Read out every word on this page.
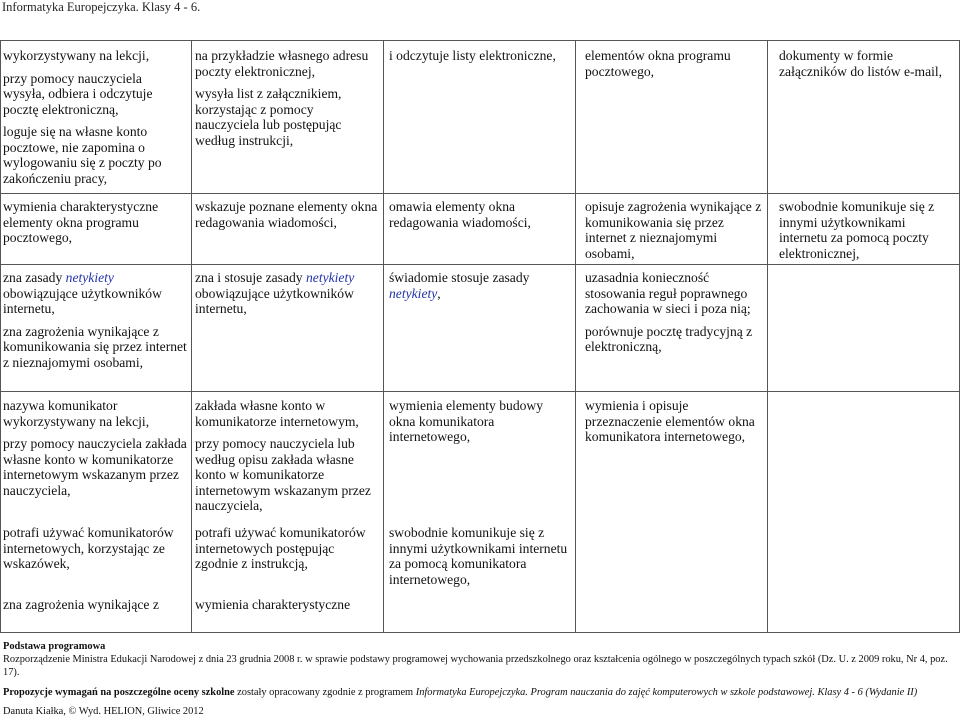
Informatyka Europejczyka. Klasy 4 - 6.

wykorzystywany na lekcji,

przy pomocy nauczyciela wysyła, odbiera i odczytuje pocztę elektroniczną,

loguje się na własne konto pocztowe, nie zapomina o wylogowaniu się z poczty po zakończeniu pracy,

na przykładzie własnego adresu poczty elektronicznej,

wysyła list z załącznikiem, korzystając z pomocy nauczyciela lub postępując według instrukcji,

i odczytuje listy elektroniczne,	elementów okna programu pocztowego,

dokumenty w formie załączników do listów e-mail,

wymienia charakterystyczne elementy okna programu pocztowego,

wskazuje poznane elementy okna redagowania wiadomości,

omawia elementy okna redagowania wiadomości,

opisuje zagrożenia wynikające z komunikowania się przez internet z nieznajomymi osobami,

swobodnie komunikuje się z innymi użytkownikami internetu za pomocą poczty elektronicznej,

zna zasady netykiety obowiązujące użytkowników internetu,

zna zagrożenia wynikające z komunikowania się przez internet z nieznajomymi osobami,

zna i stosuje zasady netykiety obowiązujące użytkowników internetu,

świadomie stosuje zasady netykiety,

uzasadnia konieczność stosowania reguł poprawnego zachowania w sieci i poza nią;

porównuje pocztę tradycyjną z elektroniczną,

nazywa komunikator wykorzystywany na lekcji,

przy pomocy nauczyciela zakłada własne konto w komunikatorze internetowym wskazanym przez nauczyciela,

zakłada własne konto w komunikatorze internetowym,

przy pomocy nauczyciela lub według opisu zakłada własne konto w komunikatorze internetowym wskazanym przez nauczyciela,

wymienia elementy budowy okna komunikatora internetowego,

wymienia i opisuje przeznaczenie elementów okna komunikatora internetowego,

potrafi używać komunikatorów internetowych, korzystając ze wskazówek,

potrafi używać komunikatorów internetowych postępując zgodnie z instrukcją,

swobodnie komunikuje się z innymi użytkownikami internetu za pomocą komunikatora internetowego,

zna zagrożenia wynikające z	wymienia charakterystyczne

Podstawa programowa
Rozporządzenie Ministra Edukacji Narodowej z dnia 23 grudnia 2008 r. w sprawie podstawy programowej wychowania przedszkolnego oraz kształcenia ogólnego w poszczególnych typach szkół (Dz. U. z 2009 roku, Nr 4, poz. 17).
Propozycje wymagań na poszczególne oceny szkolne zostały opracowany zgodnie z programem Informatyka Europejczyka. Program nauczania do zajęć komputerowych w szkole podstawowej. Klasy 4 - 6 (Wydanie II)
Danuta Kiałka, © Wyd. HELION, Gliwice 2012
